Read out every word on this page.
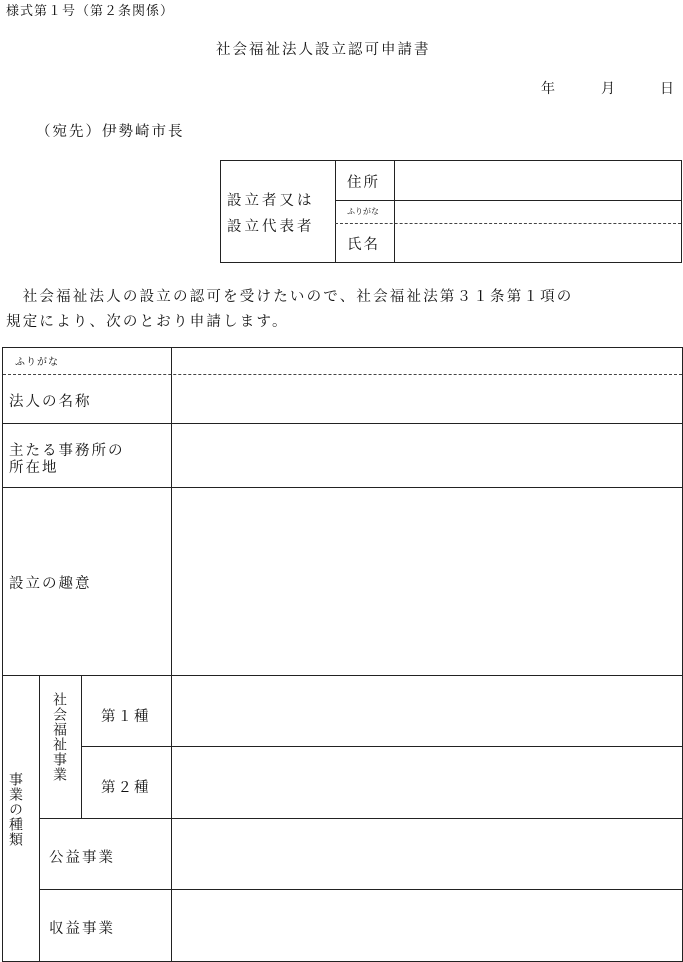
様式第１号（第２条関係）
社会福祉法人設立認可申請書
年	月	日
（宛先）伊勢崎市長
設立者又は
設立代表者
住所
ふりがな
氏名
　社会福祉法人の設立の認可を受けたいので、社会福祉法第３１条第１項の
規定により、次のとおり申請します。
ふりがな
法人の名称
主たる事務所の
所在地
設立の趣意
事業の種類
社会福祉事業 第１種
第２種
公益事業
収益事業
